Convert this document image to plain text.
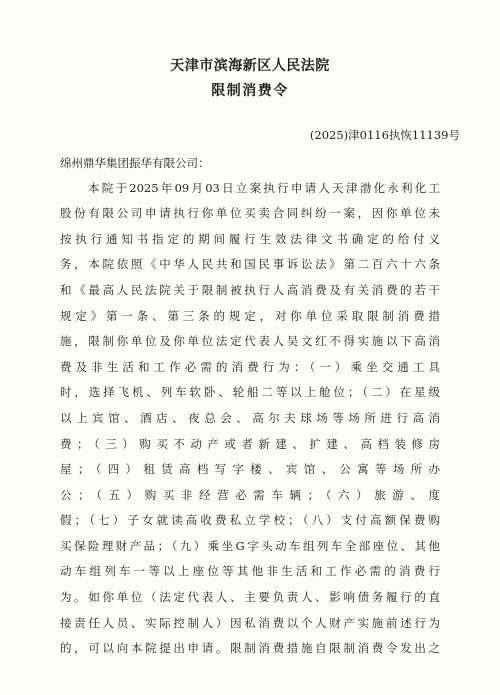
天津市滨海新区人民法院
限制消费令
(2025)津0116执恢11139号
绵州鼎华集团振华有限公司：
本院于2025年09月03日立案执行申请人天津渤化永利化工
股份有限公司申请执行你单位买卖合同纠纷一案，因你单位未
按执行通知书指定的期间履行生效法律文书确定的给付义
务，本院依照《中华人民共和国民事诉讼法》第二百六十六条
和《最高人民法院关于限制被执行人高消费及有关消费的若干
规定》第一条、第三条的规定，对你单位采取限制消费措
施，限制你单位及你单位法定代表人吴文红不得实施以下高消
费及非生活和工作必需的消费行为：（一）乘坐交通工具
时，选择飞机、列车软卧、轮船二等以上舱位；（二）在星级
以上宾馆、酒店、夜总会、高尔夫球场等场所进行高消
费；（三）购买不动产或者新建、扩建、高档装修房
屋；（四）租赁高档写字楼、宾馆、公寓等场所办
公；（五）购买非经营必需车辆；（六）旅游、度
假；（七）子女就读高收费私立学校；（八）支付高额保费购
买保险理财产品；（九）乘坐G字头动车组列车全部座位、其他
动车组列车一等以上座位等其他非生活和工作必需的消费行
为。如你单位（法定代表人、主要负责人、影响债务履行的直
接责任人员、实际控制人）因私消费以个人财产实施前述行为
的，可以向本院提出申请。限制消费措施自限制消费令发出之
